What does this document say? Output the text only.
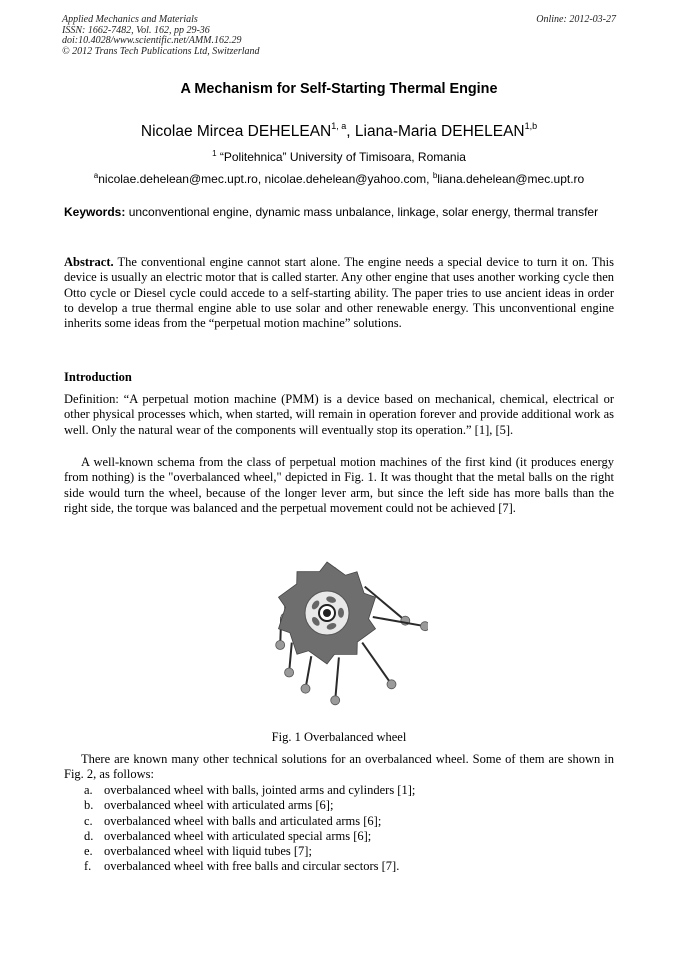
Applied Mechanics and Materials
ISSN: 1662-7482, Vol. 162, pp 29-36
doi:10.4028/www.scientific.net/AMM.162.29
© 2012 Trans Tech Publications Ltd, Switzerland
Online: 2012-03-27
A Mechanism for Self-Starting Thermal Engine
Nicolae Mircea DEHELEAN$^{1, a}$, Liana-Maria DEHELEAN$^{1,b}$
$^1$ “Politehnica” University of Timisoara, Romania
$^a$nicolae.dehelean@mec.upt.ro, nicolae.dehelean@yahoo.com, $^b$liana.dehelean@mec.upt.ro
Keywords: unconventional engine, dynamic mass unbalance, linkage, solar energy, thermal transfer
Abstract. The conventional engine cannot start alone. The engine needs a special device to turn it on. This device is usually an electric motor that is called starter. Any other engine that uses another working cycle then Otto cycle or Diesel cycle could accede to a self-starting ability. The paper tries to use ancient ideas in order to develop a true thermal engine able to use solar and other renewable energy. This unconventional engine inherits some ideas from the “perpetual motion machine” solutions.
Introduction
Definition: “A perpetual motion machine (PMM) is a device based on mechanical, chemical, electrical or other physical processes which, when started, will remain in operation forever and provide additional work as well. Only the natural wear of the components will eventually stop its operation.” [1], [5].
A well-known schema from the class of perpetual motion machines of the first kind (it produces energy from nothing) is the "overbalanced wheel," depicted in Fig. 1. It was thought that the metal balls on the right side would turn the wheel, because of the longer lever arm, but since the left side has more balls than the right side, the torque was balanced and the perpetual movement could not be achieved [7].
Fig. 1 Overbalanced wheel
There are known many other technical solutions for an overbalanced wheel. Some of them are shown in Fig. 2, as follows:
a. overbalanced wheel with balls, jointed arms and cylinders [1];
b. overbalanced wheel with articulated arms [6];
c. overbalanced wheel with balls and articulated arms [6];
d. overbalanced wheel with articulated special arms [6];
e. overbalanced wheel with liquid tubes [7];
f.	overbalanced wheel with free balls and circular sectors [7].
